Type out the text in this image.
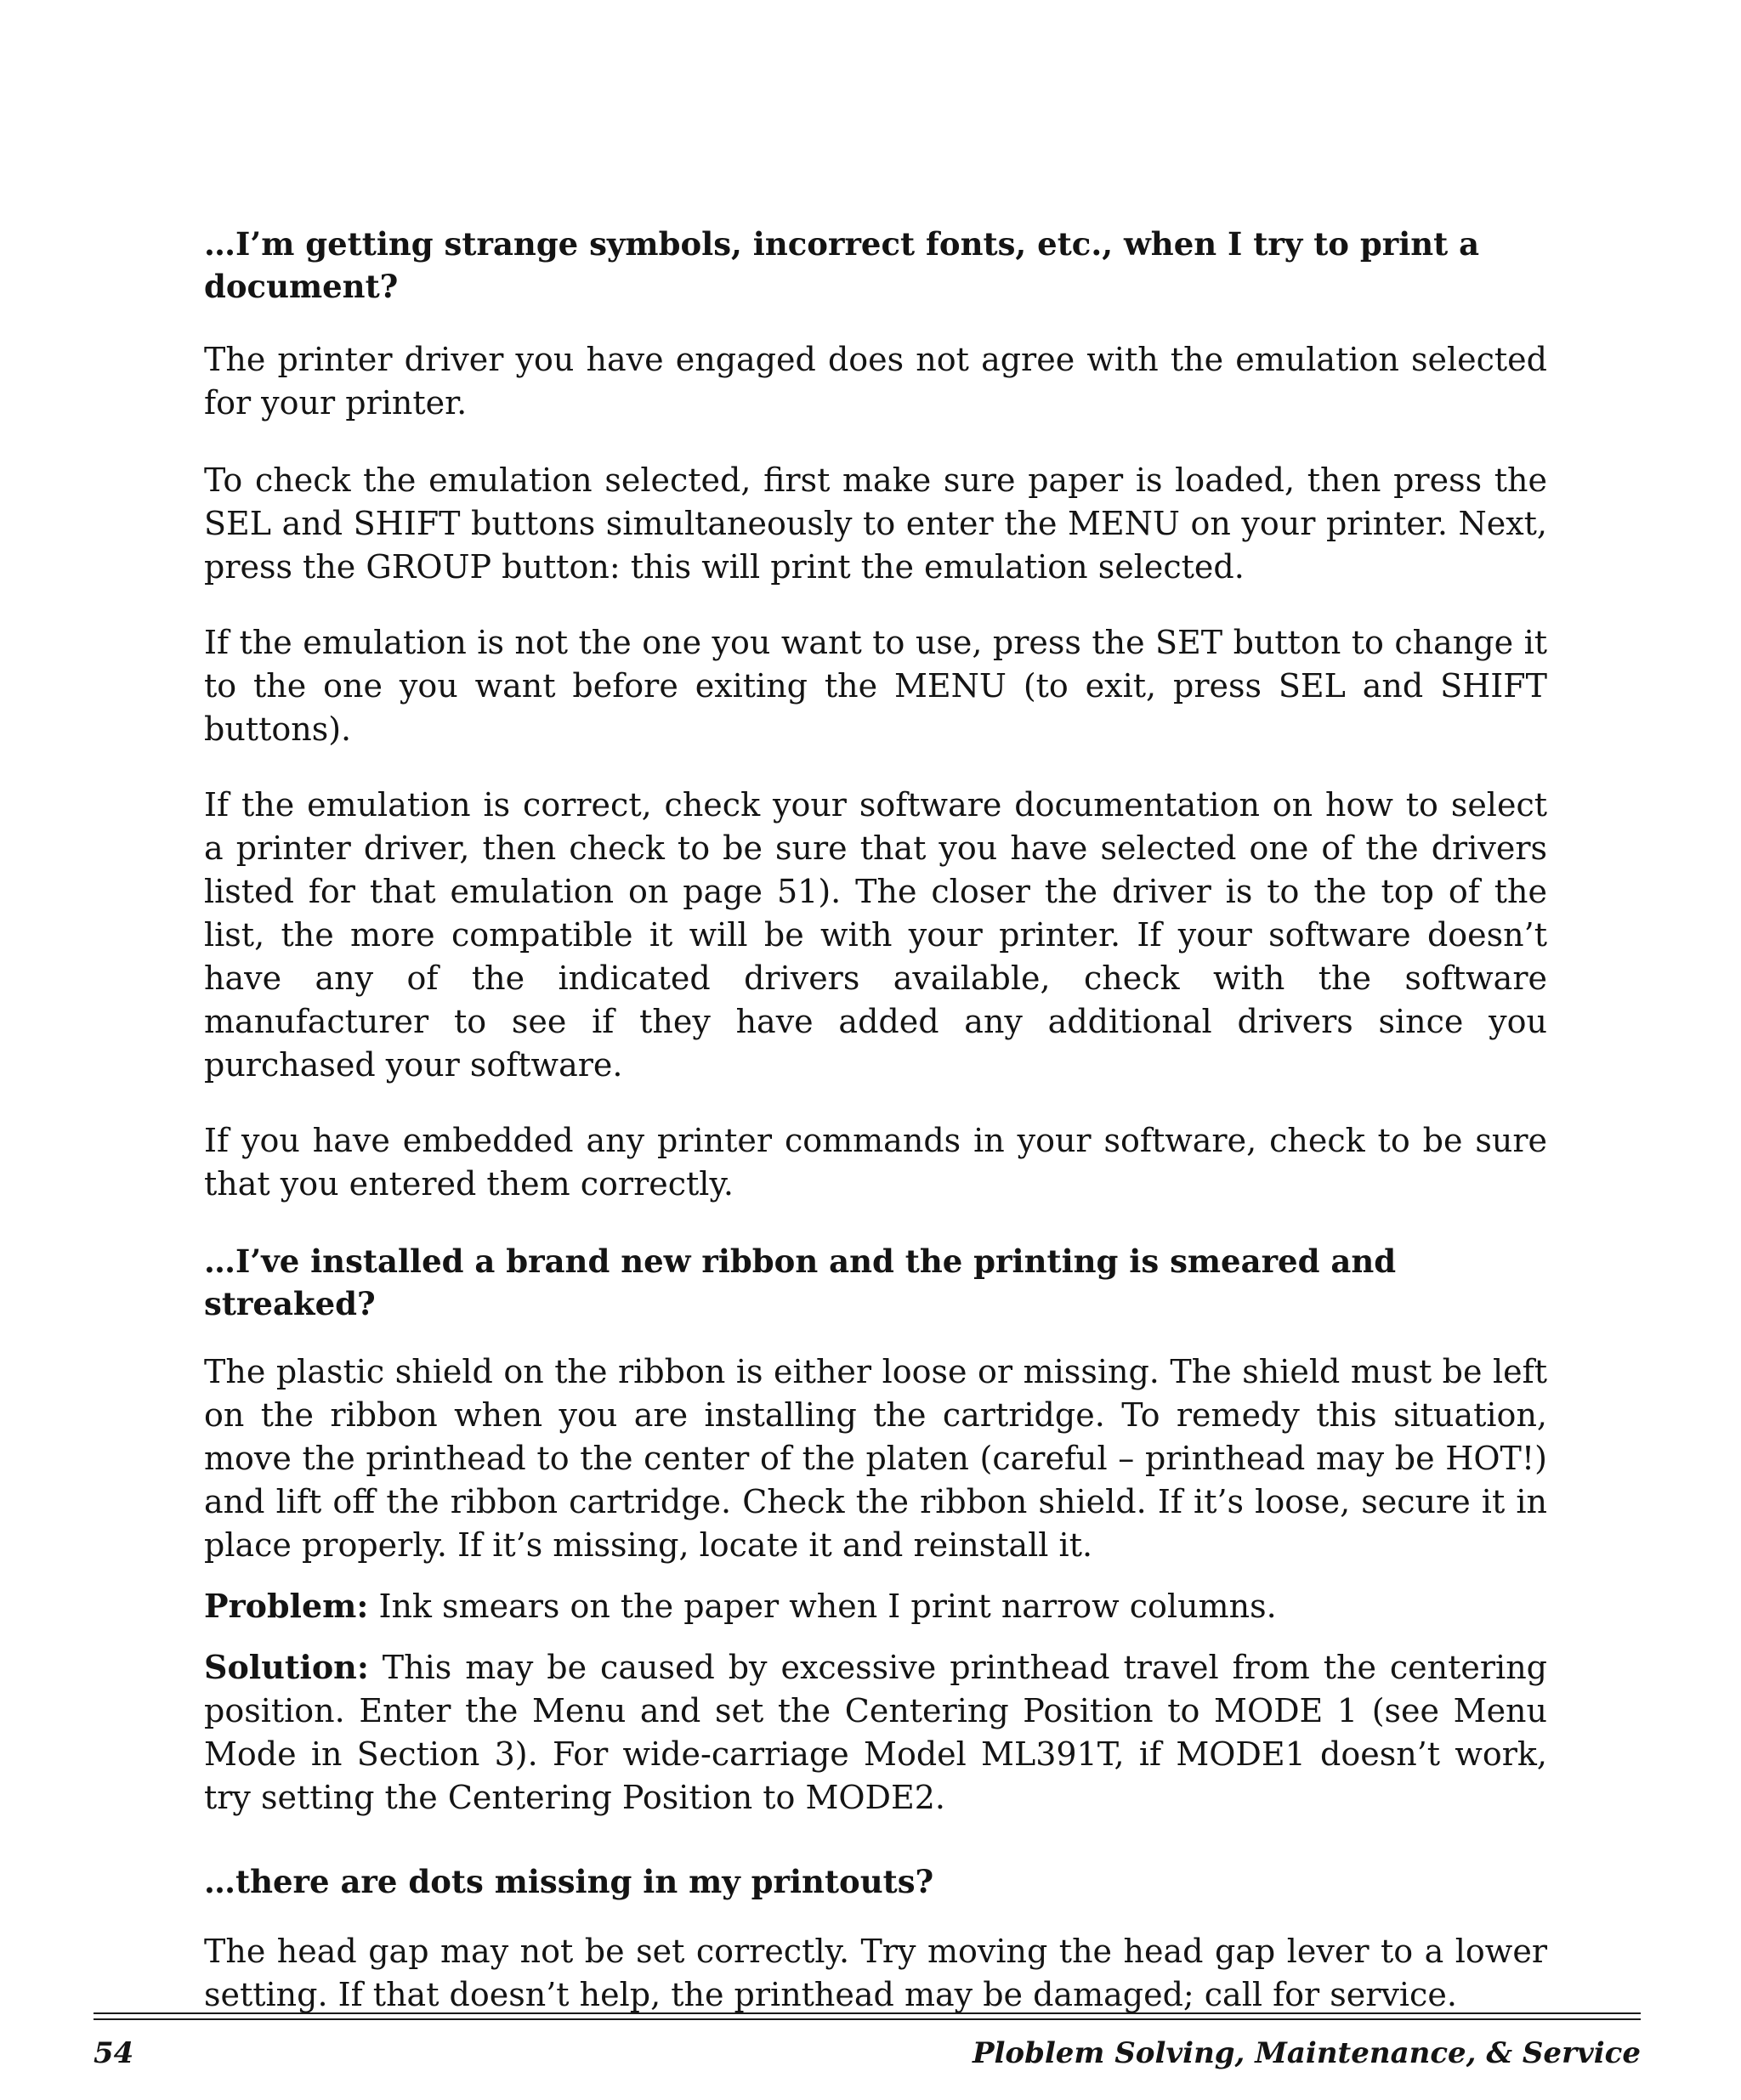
…I’m getting strange symbols, incorrect fonts, etc., when I try to print a document?

The printer driver you have engaged does not agree with the emulation selected for your printer.

To check the emulation selected, first make sure paper is loaded, then press the SEL and SHIFT buttons simultaneously to enter the MENU on your printer. Next, press the GROUP button: this will print the emulation selected.

If the emulation is not the one you want to use, press the SET button to change it to the one you want before exiting the MENU (to exit, press SEL and SHIFT buttons).

If the emulation is correct, check your software documentation on how to select a printer driver, then check to be sure that you have selected one of the drivers listed for that emulation on page 51). The closer the driver is to the top of the list, the more compatible it will be with your printer. If your software doesn’t have any of the indicated drivers available, check with the software manufacturer to see if they have added any additional drivers since you purchased your software.

If you have embedded any printer commands in your software, check to be sure that you entered them correctly.

…I’ve installed a brand new ribbon and the printing is smeared and streaked?

The plastic shield on the ribbon is either loose or missing. The shield must be left on the ribbon when you are installing the cartridge. To remedy this situation, move the printhead to the center of the platen (careful – printhead may be HOT!) and lift off the ribbon cartridge. Check the ribbon shield. If it’s loose, secure it in place properly. If it’s missing, locate it and reinstall it.

Problem: Ink smears on the paper when I print narrow columns.

Solution: This may be caused by excessive printhead travel from the centering position. Enter the Menu and set the Centering Position to MODE 1 (see Menu Mode in Section 3). For wide-carriage Model ML391T, if MODE1 doesn’t work, try setting the Centering Position to MODE2.

…there are dots missing in my printouts?

The head gap may not be set correctly. Try moving the head gap lever to a lower setting. If that doesn’t help, the printhead may be damaged; call for service.

54	Ploblem Solving, Maintenance, & Service
